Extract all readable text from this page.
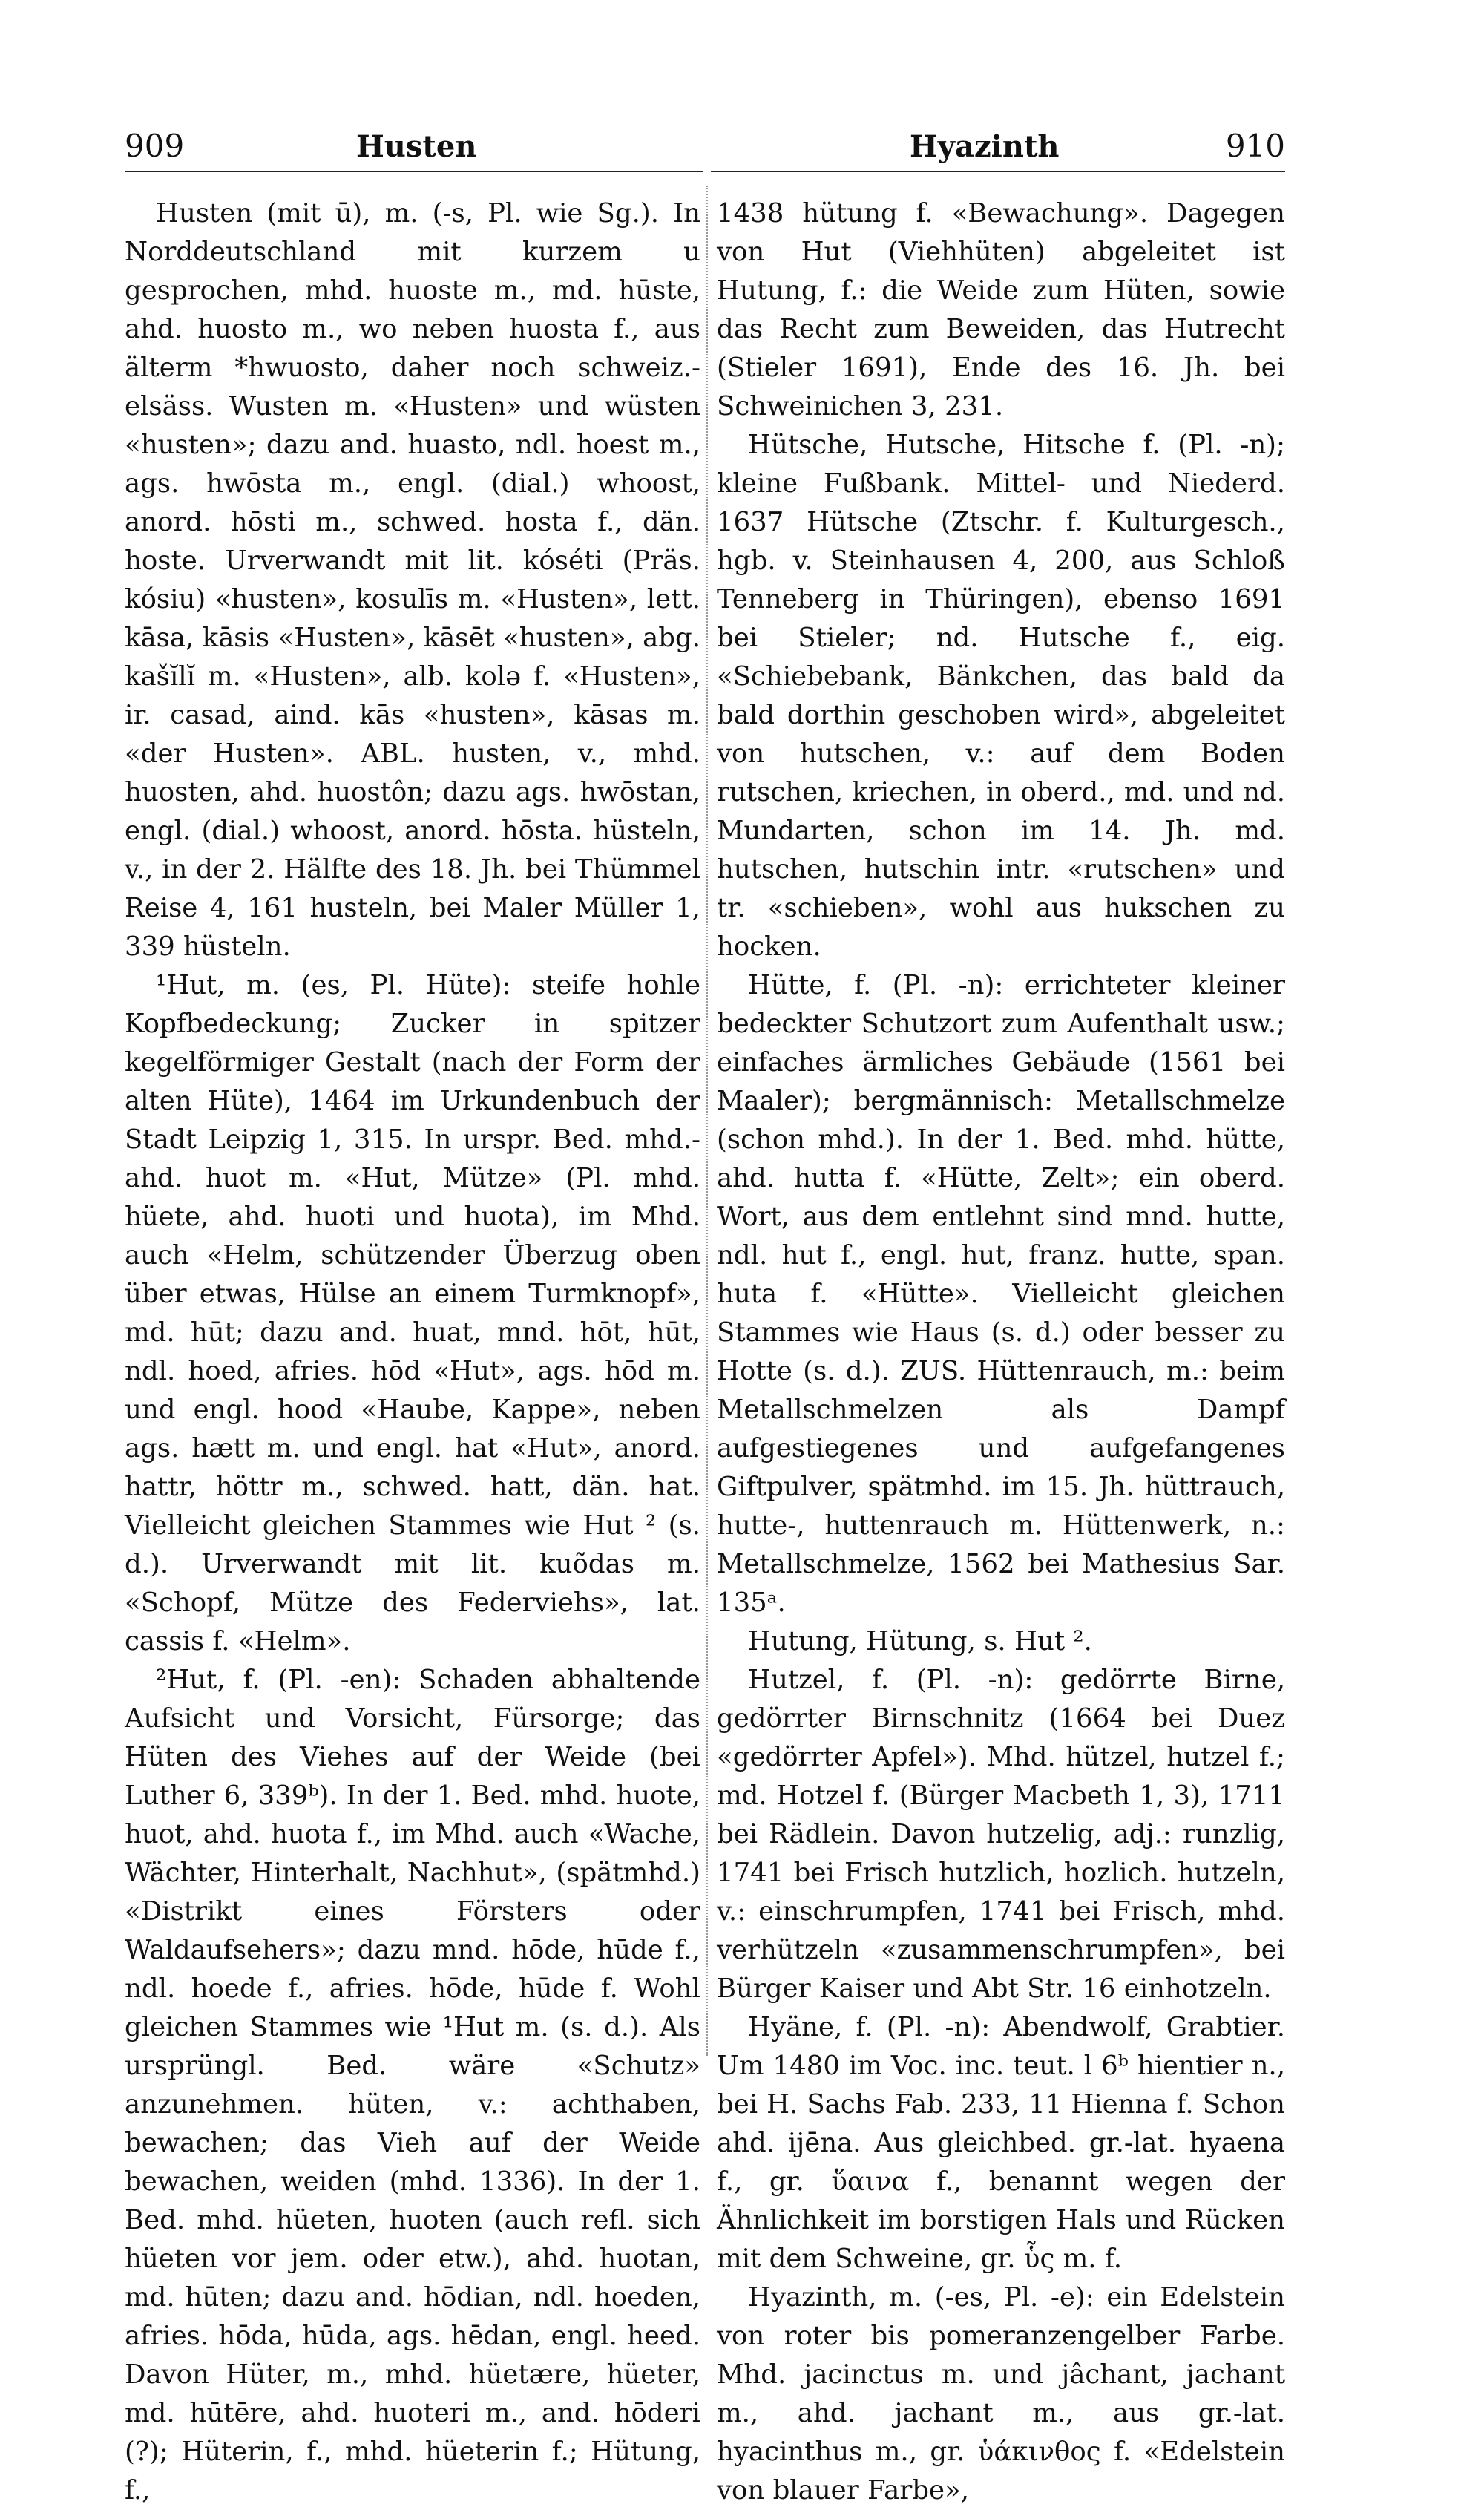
909	Husten	Hyazinth	910

Husten (mit ū), m. (-s, Pl. wie Sg.). In Norddeutschland mit kurzem u gesprochen, mhd. huoste m., md. hūste, ahd. huosto m., wo neben huosta f., aus älterm *hwuosto, daher noch schweiz.-elsäss. Wusten m. «Husten» und wüsten «husten»; dazu and. huasto, ndl. hoest m., ags. hwōsta m., engl. (dial.) whoost, anord. hōsti m., schwed. hosta f., dän. hoste. Urverwandt mit lit. kóséti (Präs. kósiu) «husten», kosulīs m. «Husten», lett. kāsa, kāsis «Husten», kāsēt «husten», abg. kašĭlĭ m. «Husten», alb. kolə f. «Husten», ir. casad, aind. kās «husten», kāsas m. «der Husten». ABL. husten, v., mhd. huosten, ahd. huostôn; dazu ags. hwōstan, engl. (dial.) whoost, anord. hōsta. hüsteln, v., in der 2. Hälfte des 18. Jh. bei Thümmel Reise 4, 161 husteln, bei Maler Müller 1, 339 hüsteln.

¹Hut, m. (es, Pl. Hüte): steife hohle Kopfbedeckung; Zucker in spitzer kegelförmiger Gestalt (nach der Form der alten Hüte), 1464 im Urkundenbuch der Stadt Leipzig 1, 315. In urspr. Bed. mhd.-ahd. huot m. «Hut, Mütze» (Pl. mhd. hüete, ahd. huoti und huota), im Mhd. auch «Helm, schützender Überzug oben über etwas, Hülse an einem Turmknopf», md. hūt; dazu and. huat, mnd. hōt, hūt, ndl. hoed, afries. hōd «Hut», ags. hōd m. und engl. hood «Haube, Kappe», neben ags. hætt m. und engl. hat «Hut», anord. hattr, höttr m., schwed. hatt, dän. hat. Vielleicht gleichen Stammes wie Hut ² (s. d.). Urverwandt mit lit. kuõdas m. «Schopf, Mütze des Federviehs», lat. cassis f. «Helm».

²Hut, f. (Pl. -en): Schaden abhaltende Aufsicht und Vorsicht, Fürsorge; das Hüten des Viehes auf der Weide (bei Luther 6, 339ᵇ). In der 1. Bed. mhd. huote, huot, ahd. huota f., im Mhd. auch «Wache, Wächter, Hinterhalt, Nachhut», (spätmhd.) «Distrikt eines Försters oder Waldaufsehers»; dazu mnd. hōde, hūde f., ndl. hoede f., afries. hōde, hūde f. Wohl gleichen Stammes wie ¹Hut m. (s. d.). Als ursprüngl. Bed. wäre «Schutz» anzunehmen. hüten, v.: achthaben, bewachen; das Vieh auf der Weide bewachen, weiden (mhd. 1336). In der 1. Bed. mhd. hüeten, huoten (auch refl. sich hüeten vor jem. oder etw.), ahd. huotan, md. hūten; dazu and. hōdian, ndl. hoeden, afries. hōda, hūda, ags. hēdan, engl. heed. Davon Hüter, m., mhd. hüetære, hüeter, md. hūtēre, ahd. huoteri m., and. hōderi (?); Hüterin, f., mhd. hüeterin f.; Hütung, f.,

1438 hütung f. «Bewachung». Dagegen von Hut (Viehhüten) abgeleitet ist Hutung, f.: die Weide zum Hüten, sowie das Recht zum Beweiden, das Hutrecht (Stieler 1691), Ende des 16. Jh. bei Schweinichen 3, 231.

Hütsche, Hutsche, Hitsche f. (Pl. -n); kleine Fußbank. Mittel- und Niederd. 1637 Hütsche (Ztschr. f. Kulturgesch., hgb. v. Steinhausen 4, 200, aus Schloß Tenneberg in Thüringen), ebenso 1691 bei Stieler; nd. Hutsche f., eig. «Schiebebank, Bänkchen, das bald da bald dorthin geschoben wird», abgeleitet von hutschen, v.: auf dem Boden rutschen, kriechen, in oberd., md. und nd. Mundarten, schon im 14. Jh. md. hutschen, hutschin intr. «rutschen» und tr. «schieben», wohl aus hukschen zu hocken.

Hütte, f. (Pl. -n): errichteter kleiner bedeckter Schutzort zum Aufenthalt usw.; einfaches ärmliches Gebäude (1561 bei Maaler); bergmännisch: Metallschmelze (schon mhd.). In der 1. Bed. mhd. hütte, ahd. hutta f. «Hütte, Zelt»; ein oberd. Wort, aus dem entlehnt sind mnd. hutte, ndl. hut f., engl. hut, franz. hutte, span. huta f. «Hütte». Vielleicht gleichen Stammes wie Haus (s. d.) oder besser zu Hotte (s. d.). ZUS. Hüttenrauch, m.: beim Metallschmelzen als Dampf aufgestiegenes und aufgefangenes Giftpulver, spätmhd. im 15. Jh. hüttrauch, hutte-, huttenrauch m. Hüttenwerk, n.: Metallschmelze, 1562 bei Mathesius Sar. 135ᵃ.

Hutung, Hütung, s. Hut ².

Hutzel, f. (Pl. -n): gedörrte Birne, gedörrter Birnschnitz (1664 bei Duez «gedörrter Apfel»). Mhd. hützel, hutzel f.; md. Hotzel f. (Bürger Macbeth 1, 3), 1711 bei Rädlein. Davon hutzelig, adj.: runzlig, 1741 bei Frisch hutzlich, hozlich. hutzeln, v.: einschrumpfen, 1741 bei Frisch, mhd. verhützeln «zusammenschrumpfen», bei Bürger Kaiser und Abt Str. 16 einhotzeln.

Hyäne, f. (Pl. -n): Abendwolf, Grabtier. Um 1480 im Voc. inc. teut. l 6ᵇ hientier n., bei H. Sachs Fab. 233, 11 Hienna f. Schon ahd. ijēna. Aus gleichbed. gr.-lat. hyaena f., gr. ὕαινα f., benannt wegen der Ähnlichkeit im borstigen Hals und Rücken mit dem Schweine, gr. ὗς m. f.

Hyazinth, m. (-es, Pl. -e): ein Edelstein von roter bis pomeranzengelber Farbe. Mhd. jacinctus m. und jâchant, jachant m., ahd. jachant m., aus gr.-lat. hyacinthus m., gr. ὑάκινθος f. «Edelstein von blauer Farbe»,
